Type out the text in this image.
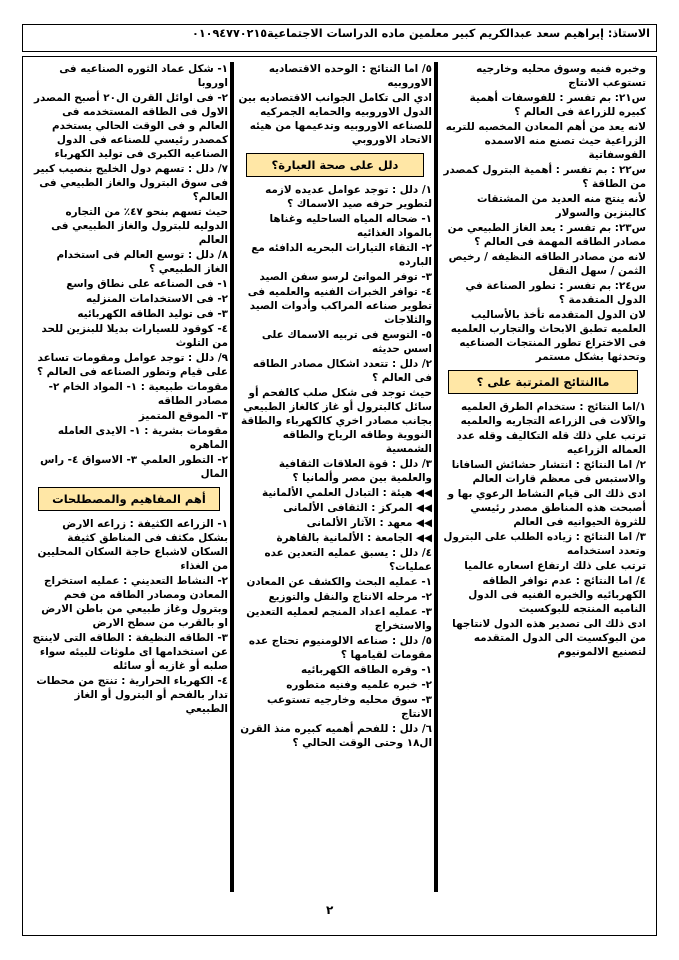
الاستاذ: إبراهيم سعد عبدالكريم كبير معلمين ماده الدراسات الاجتماعية٠١٠٩٤٧٧٠٢١٥
وخبره فنيه وسوق محليه وخارجيه تستوعب الانتاج
س٢١: بم تفسر : للفوسفات أهمية كبيره للزراعة فى العالم ؟
لانه يعد من أهم المعادن المخصبه للتربه الزراعية حيث تصنع منه الاسمده الفوسفاتية
س٢٢ : بم تفسر : أهمية البترول كمصدر من الطاقة ؟
لأنه ينتج منه العديد من المشتقات كالبنزين والسولار
س٢٣: بم تفسر : يعد الغاز الطبيعي من مصادر الطاقه المهمة فى العالم ؟
لانه من مصادر الطاقه النظيفه / رخيص الثمن / سهل النقل
س٢٤: بم تفسر : تطور الصناعة في الدول المتقدمة ؟
لان الدول المتقدمه تأخذ بالأساليب العلميه تطبق الابحاث والتجارب العلميه فى الاختراع تطور المنتجات الصناعيه وتحدثها بشكل مستمر
ماالنتائج المترتبة على ؟
١/اما النتائج : ستخدام الطرق العلميه والآلات فى الزراعه التجاريه والعلميه
ترتب علي ذلك قله التكاليف وقله عدد العماله الزراعيه
٢/ اما النتائج : انتشار حشائش السافانا والاستبس فى معظم قارات العالم
ادى ذلك الى قيام النشاط الرعوي بها و أصبحت هذه المناطق مصدر رئيسي للثروة الحيوانيه فى العالم
٣/ اما النتائج : زياده الطلب على البترول وتعدد استخدامه
ترتب على ذلك ارتفاع اسعاره عالميا
٤/ اما النتائج : عدم توافر الطاقه الكهربائيه والخبره الفنيه فى الدول الناميه المنتجه للبوكسيت
ادى ذلك الى تصدير هذه الدول لانتاجها من البوكسيت الى الدول المتقدمه لتصنيع الالمونيوم
٥/ اما النتائج : الوحده الاقتصاديه الاوروبيه
ادي الى تكامل الجوانب الاقتصاديه بين الدول الاوروبيه والحمايه الجمركيه للصناعه الاوروبيه وتدعيمها من هيئه الاتحاد الاوروبي
دلل على صحة العبارة؟
١/ دلل : توجد عوامل عديده لازمه لتطوير حرفه صيد الاسماك ؟
١- ضحاله المياه الساحليه وغناها بالمواد الغذائيه
٢- التقاء التيارات البحريه الدافئه مع البارده
٣- توفر الموانئ لرسو سفن الصيد
٤- توافر الخبرات الفنيه والعلميه فى تطوير صناعه المراكب وأدوات الصيد والثلاجات
٥- التوسع فى تربيه الاسماك على اسس حديثه
٢/ دلل : تتعدد اشكال مصادر الطاقه فى العالم ؟
حيث توجد فى شكل صلب كالفحم أو سائل كالبترول أو غاز كالغاز الطبيعي بجانب مصادر اخري كالكهرباء والطاقة النووية وطاقه الرياح والطاقه الشمسية
٣/ دلل : قوة العلاقات الثقافية والعلمية بين مصر وألمانيا ؟
◀◀ هيئة : التبادل العلمي الألمانية
◀◀ المركز : الثقافى الألمانى
◀◀ معهد : الآثار الألمانى
◀◀ الجامعة : الألمانية بالقاهرة
٤/ دلل : يسبق عمليه التعدين عده عمليات؟
١- عمليه البحث والكشف عن المعادن
٢- مرحله الانتاج والنقل والتوزيع
٣- عمليه اعداد المنجم لعمليه التعدين والاستخراج
٥/ دلل : صناعه الالومنيوم تحتاج عده مقومات لقيامها ؟
١- وفره الطاقه الكهربائيه
٢- خبره علميه وفنيه متطوره
٣- سوق محليه وخارجيه تستوعب الانتاج
٦/ دلل : للفحم أهميه كبيره منذ القرن ال١٨ وحتى الوقت الحالي ؟
١- شكل عماد الثوره الصناعيه فى اوروبا
٢- فى اوائل القرن ال٢٠ أصبح المصدر الاول فى الطاقه المستخدمه فى العالم و فى الوقت الحالي يستخدم كمصدر رئيسي للصناعه فى الدول الصناعيه الكبرى فى توليد الكهرباء
٧/ دلل : تسهم دول الخليج بنصيب كبير فى سوق البترول والغاز الطبيعي فى العالم؟
حيث تسهم بنحو ٤٧٪ من التجاره الدوليه للبترول والغاز الطبيعي فى العالم
٨/ دلل : توسع العالم فى استخدام الغاز الطبيعي ؟
١- فى الصناعه على نطاق واسع
٢- فى الاستخدامات المنزليه
٣- فى توليد الطاقه الكهربائيه
٤- كوقود للسيارات بديلا للبنزين للحد من التلوث
٩/ دلل : توجد عوامل ومقومات تساعد على قيام وتطور الصناعه فى العالم ؟
مقومات طبيعية : ١- المواد الخام ٢- مصادر الطاقه
٣- الموقع المتميز
مقومات بشرية : ١- الايدى العامله الماهره
٢- التطور العلمي ٣- الاسواق ٤- راس المال
أهم المفاهيم والمصطلحات
١- الزراعه الكثيفة : زراعه الارض بشكل مكثف فى المناطق كثيفة السكان لاشباع حاجة السكان المحليين من الغذاء
٢- النشاط التعديني : عمليه استخراج المعادن ومصادر الطاقه من فحم وبترول وغاز طبيعي من باطن الارض او بالقرب من سطح الارض
٣- الطاقه النظيفة : الطاقه التى لاينتج عن استخدامها اى ملوثات للبيئه سواء صلبه أو غازيه أو سائله
٤- الكهرباء الحرارية : تنتج من محطات تدار بالفحم أو البترول أو الغاز الطبيعي
٢
